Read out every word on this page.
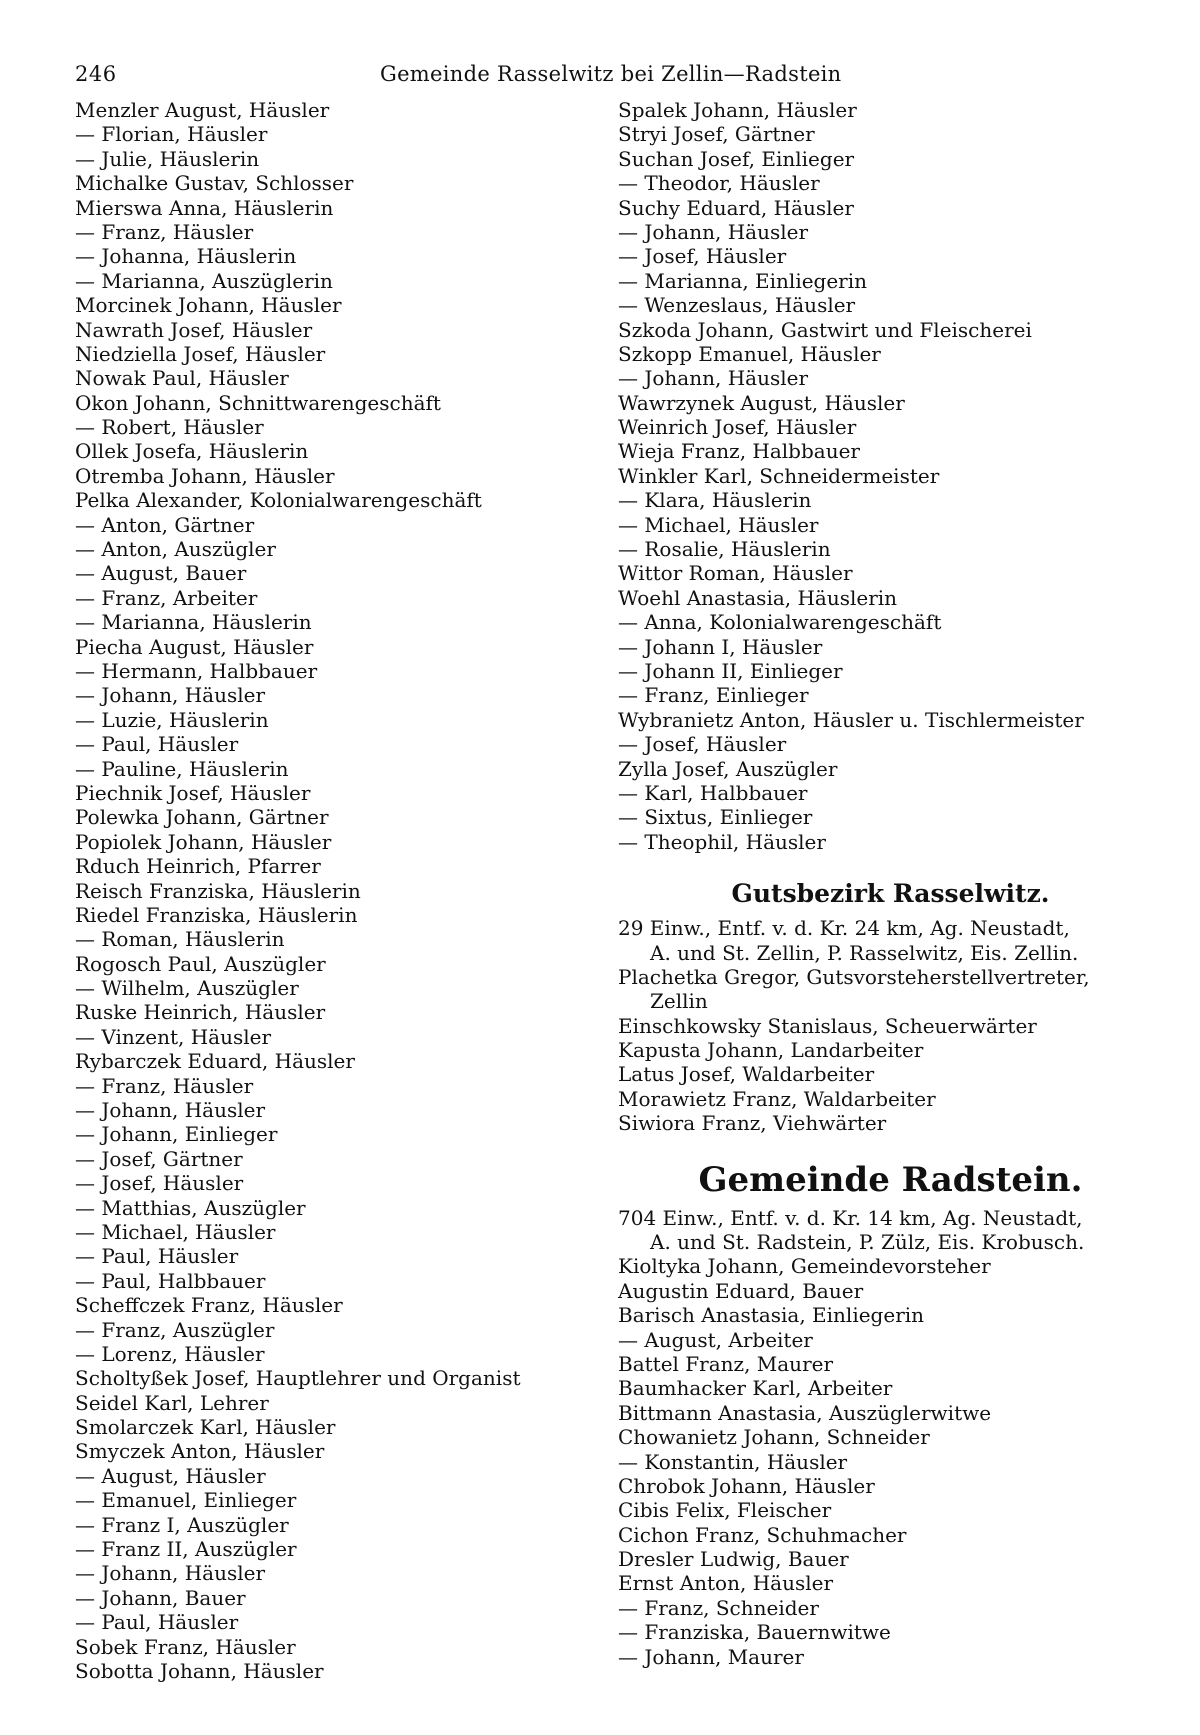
246	Gemeinde Rasselwitz bei Zellin—Radstein
Menzler August, Häusler
— Florian, Häusler
— Julie, Häuslerin
Michalke Gustav, Schlosser
Mierswa Anna, Häuslerin
— Franz, Häusler
— Johanna, Häuslerin
— Marianna, Auszüglerin
Morcinek Johann, Häusler
Nawrath Josef, Häusler
Niedziella Josef, Häusler
Nowak Paul, Häusler
Okon Johann, Schnittwarengeschäft
— Robert, Häusler
Ollek Josefa, Häuslerin
Otremba Johann, Häusler
Pelka Alexander, Kolonialwarengeschäft
— Anton, Gärtner
— Anton, Auszügler
— August, Bauer
— Franz, Arbeiter
— Marianna, Häuslerin
Piecha August, Häusler
— Hermann, Halbbauer
— Johann, Häusler
— Luzie, Häuslerin
— Paul, Häusler
— Pauline, Häuslerin
Piechnik Josef, Häusler
Polewka Johann, Gärtner
Popiolek Johann, Häusler
Rduch Heinrich, Pfarrer
Reisch Franziska, Häuslerin
Riedel Franziska, Häuslerin
— Roman, Häuslerin
Rogosch Paul, Auszügler
— Wilhelm, Auszügler
Ruske Heinrich, Häusler
— Vinzent, Häusler
Rybarczek Eduard, Häusler
— Franz, Häusler
— Johann, Häusler
— Johann, Einlieger
— Josef, Gärtner
— Josef, Häusler
— Matthias, Auszügler
— Michael, Häusler
— Paul, Häusler
— Paul, Halbbauer
Scheffczek Franz, Häusler
— Franz, Auszügler
— Lorenz, Häusler
Scholtyßek Josef, Hauptlehrer und Organist
Seidel Karl, Lehrer
Smolarczek Karl, Häusler
Smyczek Anton, Häusler
— August, Häusler
— Emanuel, Einlieger
— Franz I, Auszügler
— Franz II, Auszügler
— Johann, Häusler
— Johann, Bauer
— Paul, Häusler
Sobek Franz, Häusler
Sobotta Johann, Häusler
Spalek Johann, Häusler
Stryi Josef, Gärtner
Suchan Josef, Einlieger
— Theodor, Häusler
Suchy Eduard, Häusler
— Johann, Häusler
— Josef, Häusler
— Marianna, Einliegerin
— Wenzeslaus, Häusler
Szkoda Johann, Gastwirt und Fleischerei
Szkopp Emanuel, Häusler
— Johann, Häusler
Wawrzynek August, Häusler
Weinrich Josef, Häusler
Wieja Franz, Halbbauer
Winkler Karl, Schneidermeister
— Klara, Häuslerin
— Michael, Häusler
— Rosalie, Häuslerin
Wittor Roman, Häusler
Woehl Anastasia, Häuslerin
— Anna, Kolonialwarengeschäft
— Johann I, Häusler
— Johann II, Einlieger
— Franz, Einlieger
Wybranietz Anton, Häusler u. Tischlermeister
— Josef, Häusler
Zylla Josef, Auszügler
— Karl, Halbbauer
— Sixtus, Einlieger
— Theophil, Häusler
Gutsbezirk Rasselwitz.
29 Einw., Entf. v. d. Kr. 24 km, Ag. Neustadt,
A. und St. Zellin, P. Rasselwitz, Eis. Zellin.
Plachetka Gregor, Gutsvorsteherstellvertreter,
Zellin
Einschkowsky Stanislaus, Scheuerwärter
Kapusta Johann, Landarbeiter
Latus Josef, Waldarbeiter
Morawietz Franz, Waldarbeiter
Siwiora Franz, Viehwärter
Gemeinde Radstein.
704 Einw., Entf. v. d. Kr. 14 km, Ag. Neustadt,
A. und St. Radstein, P. Zülz, Eis. Krobusch.
Kioltyka Johann, Gemeindevorsteher
Augustin Eduard, Bauer
Barisch Anastasia, Einliegerin
— August, Arbeiter
Battel Franz, Maurer
Baumhacker Karl, Arbeiter
Bittmann Anastasia, Auszüglerwitwe
Chowanietz Johann, Schneider
— Konstantin, Häusler
Chrobok Johann, Häusler
Cibis Felix, Fleischer
Cichon Franz, Schuhmacher
Dresler Ludwig, Bauer
Ernst Anton, Häusler
— Franz, Schneider
— Franziska, Bauernwitwe
— Johann, Maurer
